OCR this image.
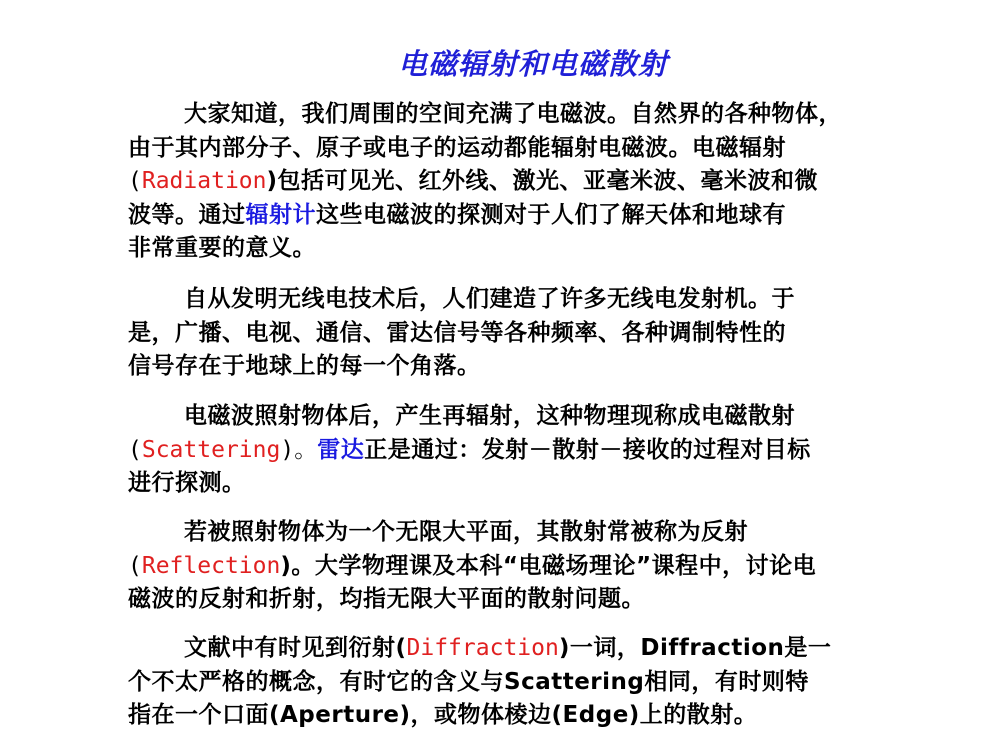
电磁辐射和电磁散射
大家知道，我们周围的空间充满了电磁波。自然界的各种物体，
由于其内部分子、原子或电子的运动都能辐射电磁波。电磁辐射
(Radiation)包括可见光、红外线、激光、亚毫米波、毫米波和微
波等。通过辐射计这些电磁波的探测对于人们了解天体和地球有
非常重要的意义。
自从发明无线电技术后，人们建造了许多无线电发射机。于
是，广播、电视、通信、雷达信号等各种频率、各种调制特性的
信号存在于地球上的每一个角落。
电磁波照射物体后，产生再辐射，这种物理现称成电磁散射
(Scattering)。雷达正是通过：发射－散射－接收的过程对目标
进行探测。
若被照射物体为一个无限大平面，其散射常被称为反射
(Reflection)。大学物理课及本科“电磁场理论”课程中，讨论电
磁波的反射和折射，均指无限大平面的散射问题。
文献中有时见到衍射(Diffraction)一词，Diffraction是一
个不太严格的概念，有时它的含义与Scattering相同，有时则特
指在一个口面(Aperture)，或物体棱边(Edge)上的散射。
